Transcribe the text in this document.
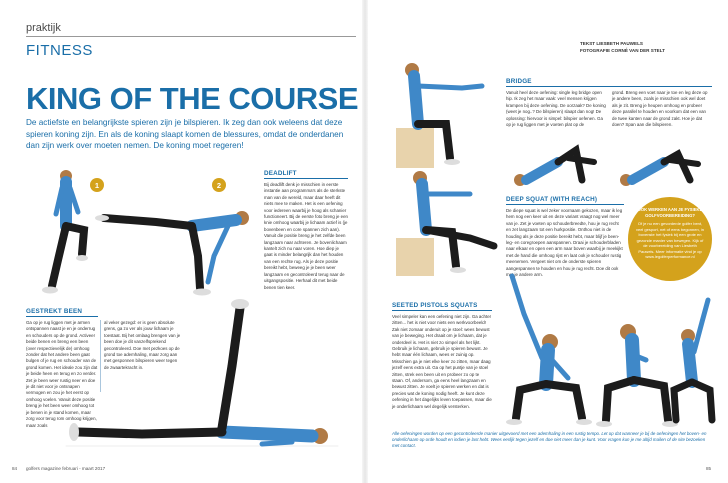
praktijk
FITNESS	TEKST LIESBETH PAUWELS
FOTOGRAFIE CORNÉ VAN DER STELT
KING OF THE COURSE
De actiefste en belangrijkste spieren zijn je bilspieren. Ik zeg dan ook weleens dat deze spieren koning zijn. En als de koning slaapt komen de blessures, omdat de onderdanen dan zijn werk over moeten nemen. De koning moet regeren!
1	2
DEADLIFT
Bij deadlift denk je misschien in eerste instantie aan programma's als de sterkste man van de wereld, maar daar heeft dit niets mee te maken. Het is een oefening voor iedereen waarbij je hoog als schanier functioneert. Bij de eerste foto breng je een knie omhoog waarbij je lichaam actief is (je bovenbeen en core spannen zich aan). Vanuit die positie breng je het zelfde been langzaam naar achteren. Je bovenlichaam kantelt zich nu naar voren. Hoe diep je gaat is minder belangrijk dan het houden van een rechte rug. Als je deze positie bereikt hebt, beweeg je je been weer langzaam en gecontroleerd terug naar de uitgangspositie. Herhaal dit met beide benen tien keer.
GESTREKT BEEN
Ga op je rug liggen met je armen ontspannen naast je en je onderrug en schouders op de grond. Activeer beide benen en breng een been (over respectievelijk de) omhoog zonder dat het andere been gaat bulgen of je rug en schouder van de grond komen. Het ideale zou zijn dat je beide heen en terug en zo verder. Zet je been weer rustig neer en doe je dit niet voor je ontsnapen vermogen en zou je het eerst op omhoog voelen. Vanuit deze positie breng je het been weer omhoog tot je benen in je stand komen, maar zorg voor terug rom omhoog krijgen, maar zoals
al veker gezegd: er is geen absolute grens, ga zo ver als jouw lichaam je toestaat. Bij het omlaag brengen van je been doe je dit vanzelfsprekend gecontroleerd. Doe met pezkoes op de grond toe ademhaling, maar zorg aan met gesponnen bilspieren weer tegen de zwaartekracht in.
BRIDGE
Vanuit heel deze oefening: single leg bridge open hip. Ik zeg het maar vaak: veel mensen krijgen krampen bij deze oefening. De oorzaak? De koning (weet je nog..? De bilspieren) slaapt dan nog! De oplossing: hiervoor is simpel: bilspier oefenen. Ga op je rug liggen met je voeten plat op de
grond. Breng een voet naar je toe en leg deze op je andere been, zoals je misschien ook wel doet als je zit. Breng je heupen omhoog en probeer deze parallel te houden en voorkom dat een van de twee kanten naar de grond zakt. Hoe je dat doen? Span aan die bilspieren.
DEEP SQUAT (WITH REACH)
De diepe squat is wel zeker voornaam gekozen, maar ik leg hem nog een keer uit en deze variant vraagt nog wel meer van je. Zet je voeten op schouderbreedte, hou je rug recht en zet langzaam tot een hurkpositie. Onthou niet in de houding als je deze positie bereikt hebt, maar blijf je been- leg- en coregroepen aanspannen. Draai je schouderbladen naar elkaar en open een arm naar boven waarbij je meekijkt met de hand die omhoog rijst en laat ook je schouder rustig meenemen. Vergeet niet om de onderste spieren aangespannen te houden en hou je rug recht. Doe dit ook met je andere arm.
OOK WERKEN AAN JE FYSIEKE GOLFVOORBEREIDING?
Of je nu een gevorderde golfer bent, veel gesport, net of eens begonnen, in bovenste het fysiek bij een grote en gezonde manier van bewegen. Kijk of de voorbereiding van Liesbeth Pauwels. Meer informatie vind je op www.legolferperformance.nl
SEETED PISTOLS SQUATS
Veel simpeler kan een oefening niet zijn. Ga achter zitten... het is niet voor niets een werkvoorbeeld! Zak niet zomaar onderuit op je stoel: wees bewust van je beweging. Het draait om je lichaam, dat je onderdeel is. Het is niet zo simpel als het lijkt. Gebruik je lichaam, gebruik je spieren bewust. Je hebt maar één lichaam, wees er zuinig op. Misschien ga je niet elke keer zo zitten, maar daag jezelf eens extra uit. Ga op het puntje van je stoel zitten, strek een been uit en probeer zo op te staan. Of, andersom, ga eens heel langzaam en bewust zitten. Je voelt je spieren werken en dat is precies wat de koning nodig heeft. Je kunt deze oefening in het dagelijks leven toepassen, maar die je onderlichaam wel degelijk versterken.
Alle oefeningen worden op een gecontroleerde manier uitgevoerd met een ademhaling in een rustig tempo. Let op dat wanneer je bij de oefeningen het boven- en onderlichaam op orde houdt en indien je last hebt. Wees eerlijk tegen jezelf en doe niet meer dan je kunt. Voor vragen kun je me altijd mailen of de site bezoeken met contact.
84 golfers magazine februari - maart 2017	85
